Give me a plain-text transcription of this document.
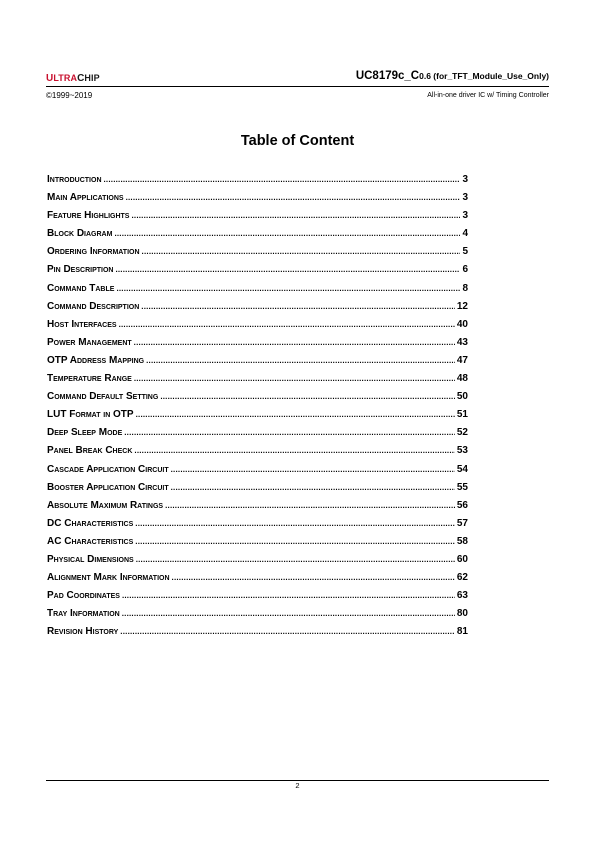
ULTRACHIP	UC8179c_C0.6 (for_TFT_Module_Use_Only)
©1999~2019	All-in-one driver IC w/ Timing Controller
Table of Content
Introduction .....	3
Main Applications .....	3
Feature Highlights .....	3
Block Diagram .....	4
Ordering Information .....	5
Pin Description .....	6
Command Table .....	8
Command Description .....	12
Host Interfaces .....	40
Power Management .....	43
OTP Address Mapping .....	47
Temperature Range .....	48
Command Default Setting .....	50
LUT Format in OTP .....	51
Deep Sleep Mode .....	52
Panel Break Check .....	53
Cascade Application Circuit .....	54
Booster Application Circuit .....	55
Absolute Maximum Ratings .....	56
DC Characteristics .....	57
AC Characteristics .....	58
Physical Dimensions .....	60
Alignment Mark Information .....	62
Pad Coordinates .....	63
Tray Information .....	80
Revision History .....	81
2
